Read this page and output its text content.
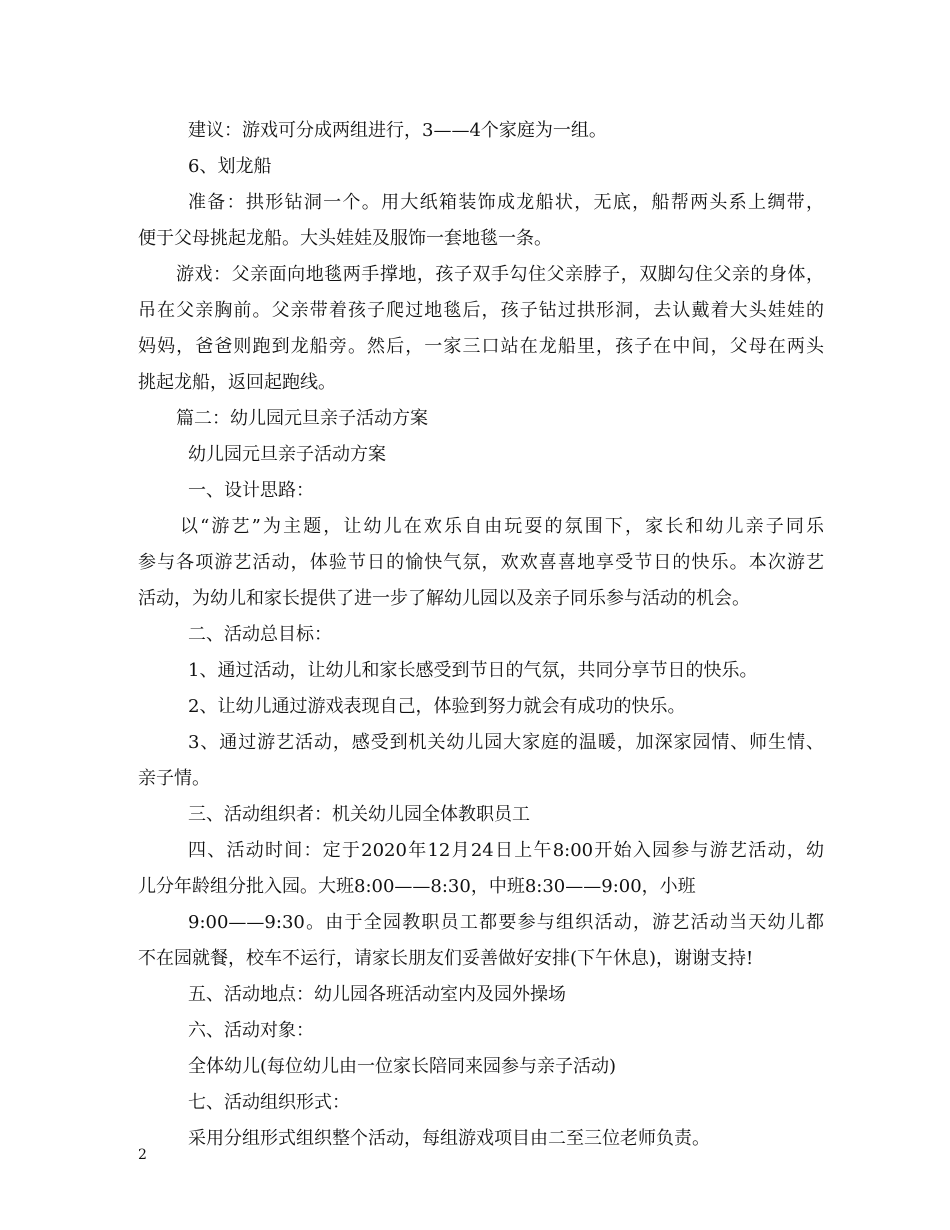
建议：游戏可分成两组进行，3——4个家庭为一组。
6、划龙船
准备：拱形钻洞一个。用大纸箱装饰成龙船状，无底，船帮两头系上绸带，
便于父母挑起龙船。大头娃娃及服饰一套地毯一条。
游戏：父亲面向地毯两手撑地，孩子双手勾住父亲脖子，双脚勾住父亲的身体，
吊在父亲胸前。父亲带着孩子爬过地毯后，孩子钻过拱形洞，去认戴着大头娃娃的
妈妈，爸爸则跑到龙船旁。然后，一家三口站在龙船里，孩子在中间，父母在两头
挑起龙船，返回起跑线。
篇二：幼儿园元旦亲子活动方案
幼儿园元旦亲子活动方案
一、设计思路：
以“游艺”为主题，让幼儿在欢乐自由玩耍的氛围下，家长和幼儿亲子同乐
参与各项游艺活动，体验节日的愉快气氛，欢欢喜喜地享受节日的快乐。本次游艺
活动，为幼儿和家长提供了进一步了解幼儿园以及亲子同乐参与活动的机会。
二、活动总目标：
1、通过活动，让幼儿和家长感受到节日的气氛，共同分享节日的快乐。
2、让幼儿通过游戏表现自己，体验到努力就会有成功的快乐。
3、通过游艺活动，感受到机关幼儿园大家庭的温暖，加深家园情、师生情、
亲子情。
三、活动组织者：机关幼儿园全体教职员工
四、活动时间：定于2020年12月24日上午8:00开始入园参与游艺活动，幼
儿分年龄组分批入园。大班8:00——8:30，中班8:30——9:00，小班
9:00——9:30。由于全园教职员工都要参与组织活动，游艺活动当天幼儿都
不在园就餐，校车不运行，请家长朋友们妥善做好安排(下午休息)，谢谢支持!
五、活动地点：幼儿园各班活动室内及园外操场
六、活动对象：
全体幼儿(每位幼儿由一位家长陪同来园参与亲子活动)
七、活动组织形式：
采用分组形式组织整个活动，每组游戏项目由二至三位老师负责。
2
